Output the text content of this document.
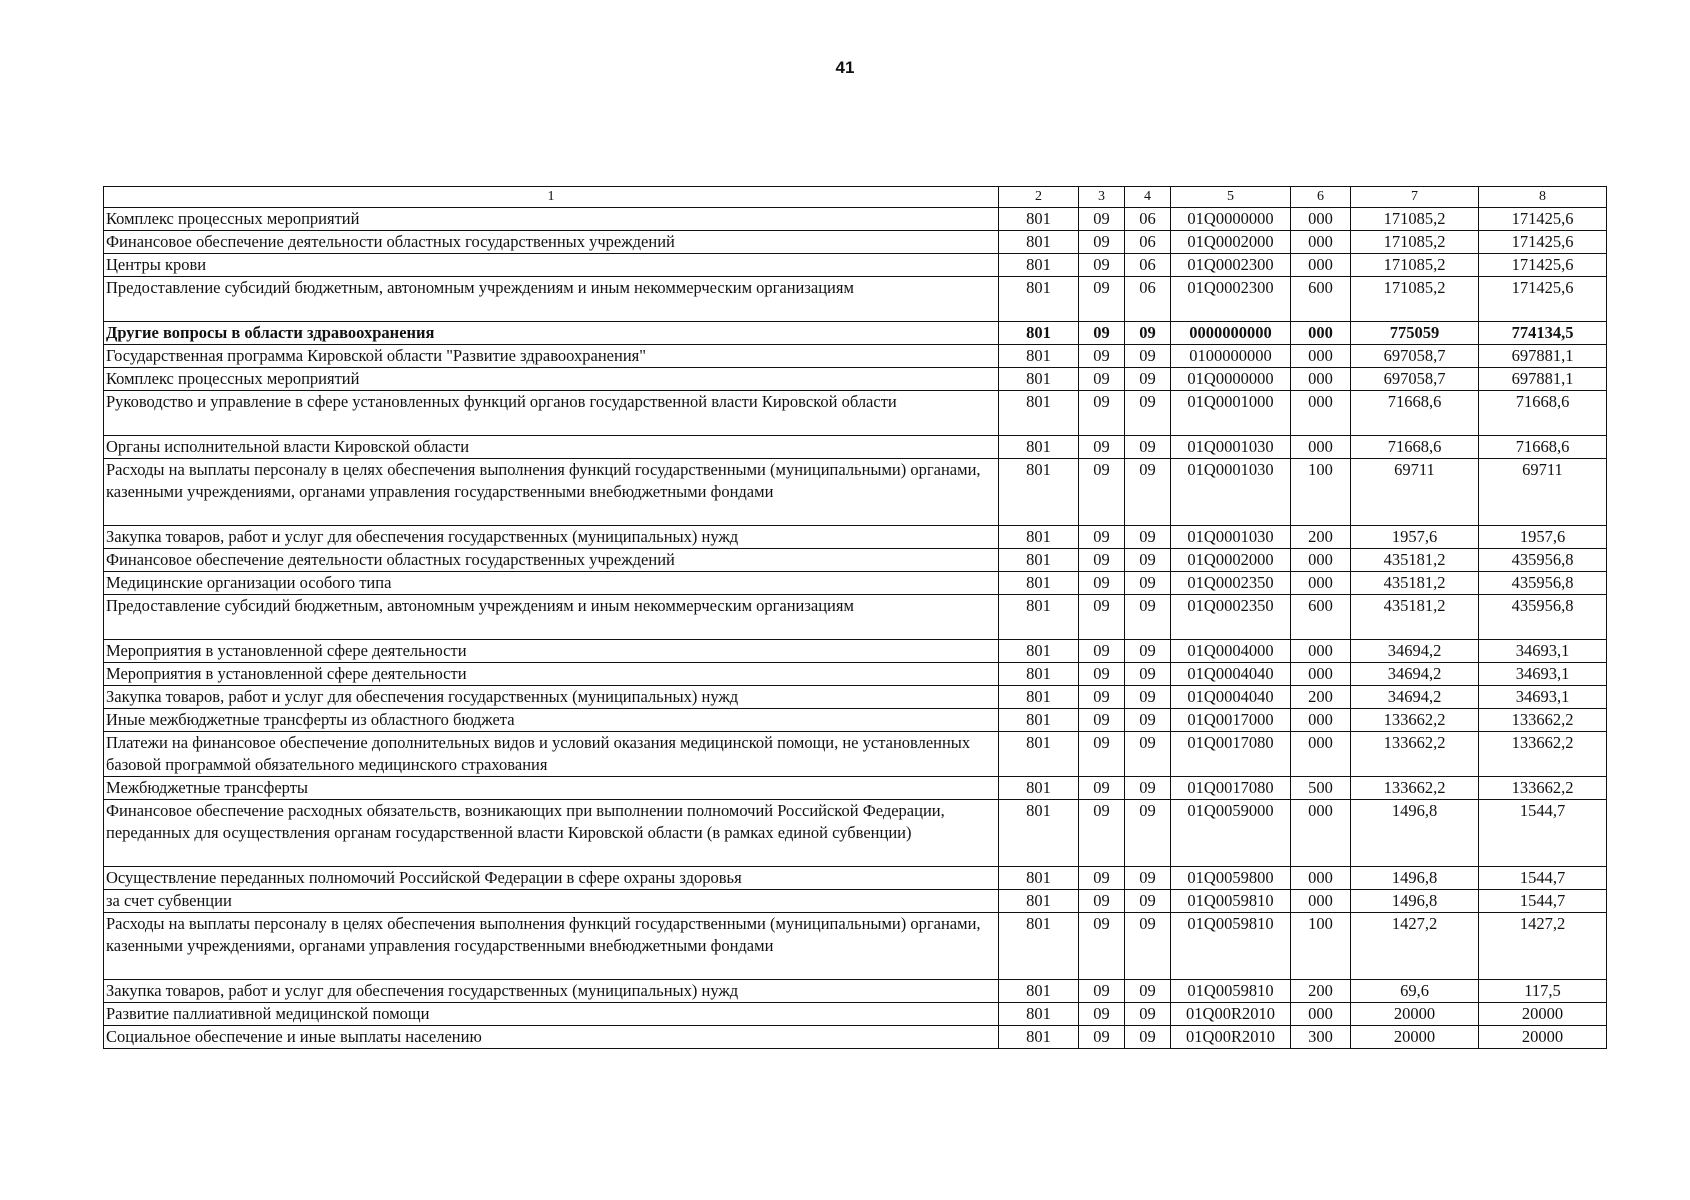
41
1	2	3	4	5	6	7	8
Комплекс процессных мероприятий	801	09	06	01Q0000000	000	171085,2	171425,6
Финансовое обеспечение деятельности областных государственных учреждений	801	09	06	01Q0002000	000	171085,2	171425,6
Центры крови	801	09	06	01Q0002300	000	171085,2	171425,6
Предоставление субсидий бюджетным, автономным учреждениям и иным некоммерческим организациям	801	09	06	01Q0002300	600	171085,2	171425,6
Другие вопросы в области здравоохранения	801	09	09	0000000000	000	775059	774134,5
Государственная программа Кировской области "Развитие здравоохранения"	801	09	09	0100000000	000	697058,7	697881,1
Комплекс процессных мероприятий	801	09	09	01Q0000000	000	697058,7	697881,1
Руководство и управление в сфере установленных функций органов государственной власти Кировской области	801	09	09	01Q0001000	000	71668,6	71668,6
Органы исполнительной власти Кировской области	801	09	09	01Q0001030	000	71668,6	71668,6
Расходы на выплаты персоналу в целях обеспечения выполнения функций государственными (муниципальными) органами, казенными учреждениями, органами управления государственными внебюджетными фондами	801	09	09	01Q0001030	100	69711	69711
Закупка товаров, работ и услуг для обеспечения государственных (муниципальных) нужд	801	09	09	01Q0001030	200	1957,6	1957,6
Финансовое обеспечение деятельности областных государственных учреждений	801	09	09	01Q0002000	000	435181,2	435956,8
Медицинские организации особого типа	801	09	09	01Q0002350	000	435181,2	435956,8
Предоставление субсидий бюджетным, автономным учреждениям и иным некоммерческим организациям	801	09	09	01Q0002350	600	435181,2	435956,8
Мероприятия в установленной сфере деятельности	801	09	09	01Q0004000	000	34694,2	34693,1
Мероприятия в установленной сфере деятельности	801	09	09	01Q0004040	000	34694,2	34693,1
Закупка товаров, работ и услуг для обеспечения государственных (муниципальных) нужд	801	09	09	01Q0004040	200	34694,2	34693,1
Иные межбюджетные трансферты из областного бюджета	801	09	09	01Q0017000	000	133662,2	133662,2
Платежи на финансовое обеспечение дополнительных видов и условий оказания медицинской помощи, не установленных базовой программой обязательного медицинского страхования	801	09	09	01Q0017080	000	133662,2	133662,2
Межбюджетные трансферты	801	09	09	01Q0017080	500	133662,2	133662,2
Финансовое обеспечение расходных обязательств, возникающих при выполнении полномочий Российской Федерации, переданных для осуществления органам государственной власти Кировской области (в рамках единой субвенции)	801	09	09	01Q0059000	000	1496,8	1544,7
Осуществление переданных полномочий Российской Федерации в сфере охраны здоровья	801	09	09	01Q0059800	000	1496,8	1544,7
за счет субвенции	801	09	09	01Q0059810	000	1496,8	1544,7
Расходы на выплаты персоналу в целях обеспечения выполнения функций государственными (муниципальными) органами, казенными учреждениями, органами управления государственными внебюджетными фондами	801	09	09	01Q0059810	100	1427,2	1427,2
Закупка товаров, работ и услуг для обеспечения государственных (муниципальных) нужд	801	09	09	01Q0059810	200	69,6	117,5
Развитие паллиативной медицинской помощи	801	09	09	01Q00R2010	000	20000	20000
Социальное обеспечение и иные выплаты населению	801	09	09	01Q00R2010	300	20000	20000
